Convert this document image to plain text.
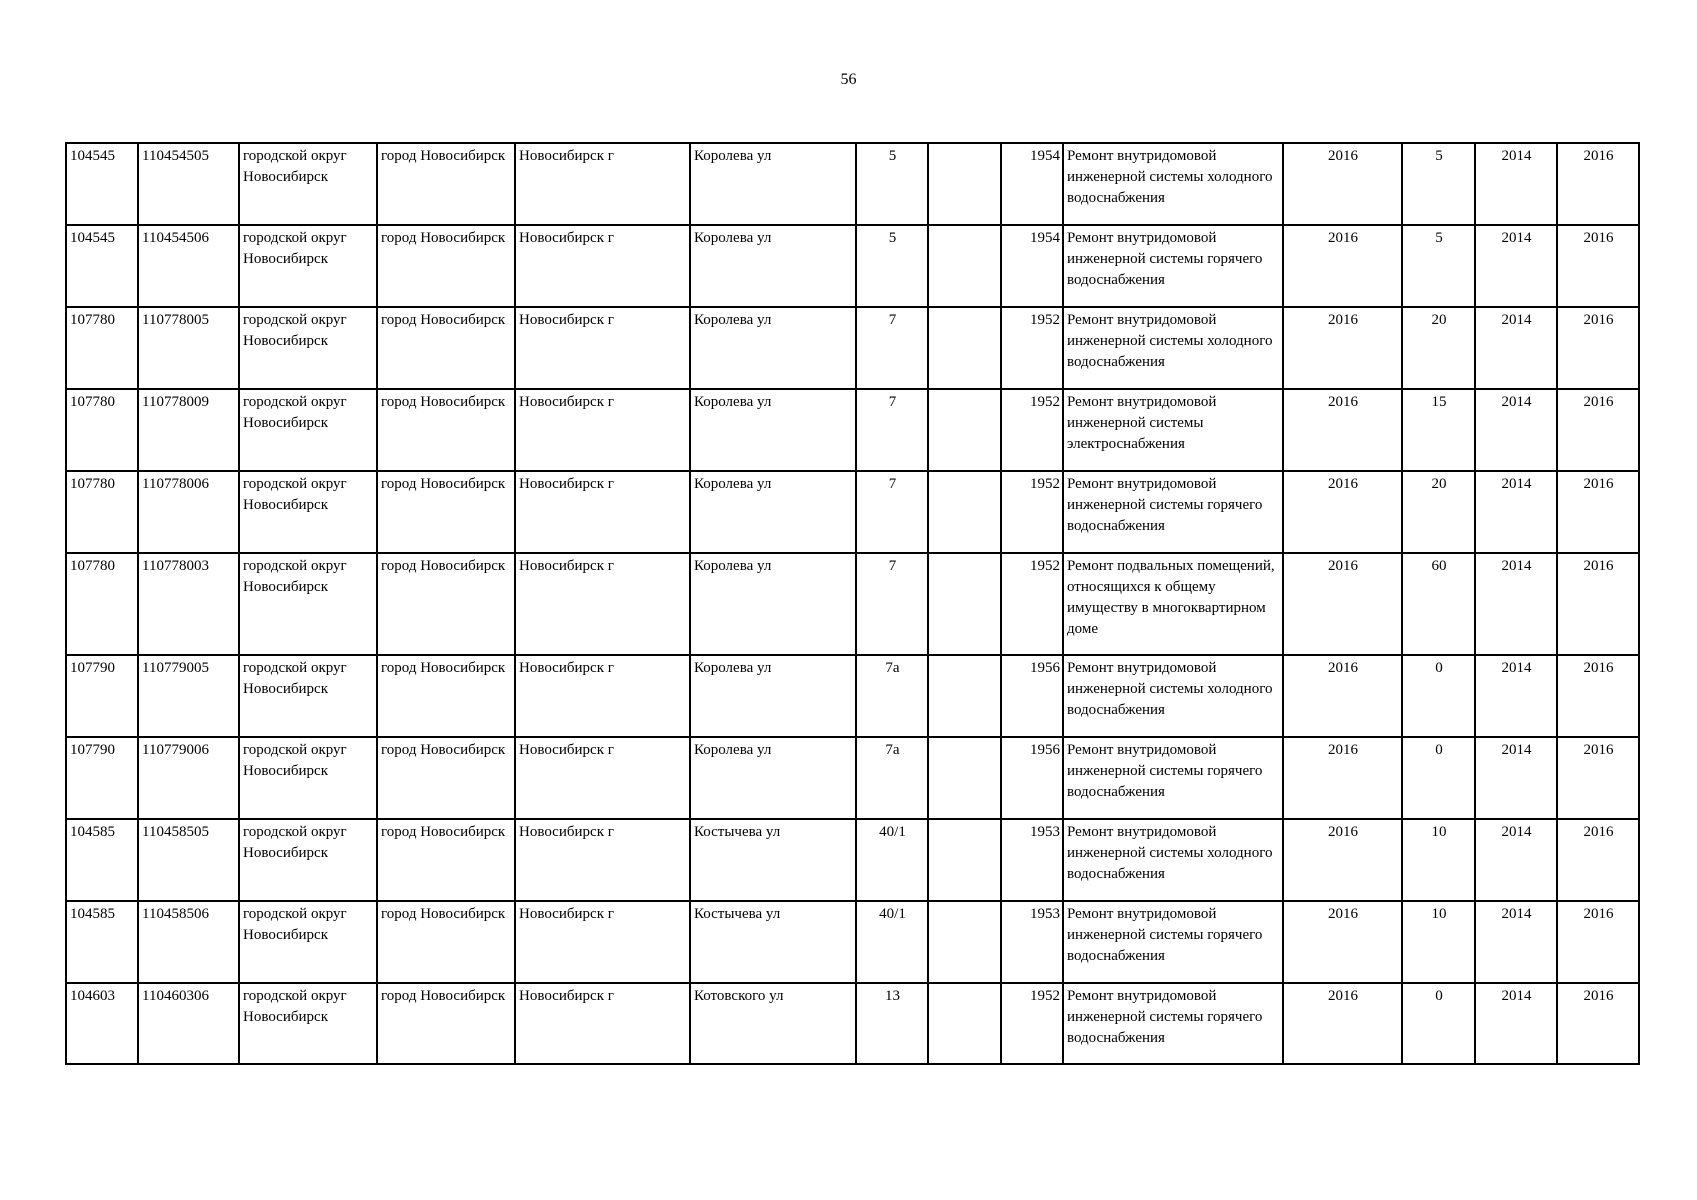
56
104545	110454505	городской округ Новосибирск	город Новосибирск	Новосибирск г	Королева ул	5		1954	Ремонт внутридомовой инженерной системы холодного водоснабжения	2016	5	2014	2016
104545	110454506	городской округ Новосибирск	город Новосибирск	Новосибирск г	Королева ул	5		1954	Ремонт внутридомовой инженерной системы горячего водоснабжения	2016	5	2014	2016
107780	110778005	городской округ Новосибирск	город Новосибирск	Новосибирск г	Королева ул	7		1952	Ремонт внутридомовой инженерной системы холодного водоснабжения	2016	20	2014	2016
107780	110778009	городской округ Новосибирск	город Новосибирск	Новосибирск г	Королева ул	7		1952	Ремонт внутридомовой инженерной системы электроснабжения	2016	15	2014	2016
107780	110778006	городской округ Новосибирск	город Новосибирск	Новосибирск г	Королева ул	7		1952	Ремонт внутридомовой инженерной системы горячего водоснабжения	2016	20	2014	2016
107780	110778003	городской округ Новосибирск	город Новосибирск	Новосибирск г	Королева ул	7		1952	Ремонт подвальных помещений, относящихся к общему имуществу в многоквартирном доме	2016	60	2014	2016
107790	110779005	городской округ Новосибирск	город Новосибирск	Новосибирск г	Королева ул	7а		1956	Ремонт внутридомовой инженерной системы холодного водоснабжения	2016	0	2014	2016
107790	110779006	городской округ Новосибирск	город Новосибирск	Новосибирск г	Королева ул	7а		1956	Ремонт внутридомовой инженерной системы горячего водоснабжения	2016	0	2014	2016
104585	110458505	городской округ Новосибирск	город Новосибирск	Новосибирск г	Костычева ул	40/1		1953	Ремонт внутридомовой инженерной системы холодного водоснабжения	2016	10	2014	2016
104585	110458506	городской округ Новосибирск	город Новосибирск	Новосибирск г	Костычева ул	40/1		1953	Ремонт внутридомовой инженерной системы горячего водоснабжения	2016	10	2014	2016
104603	110460306	городской округ Новосибирск	город Новосибирск	Новосибирск г	Котовского ул	13		1952	Ремонт внутридомовой инженерной системы горячего водоснабжения	2016	0	2014	2016
